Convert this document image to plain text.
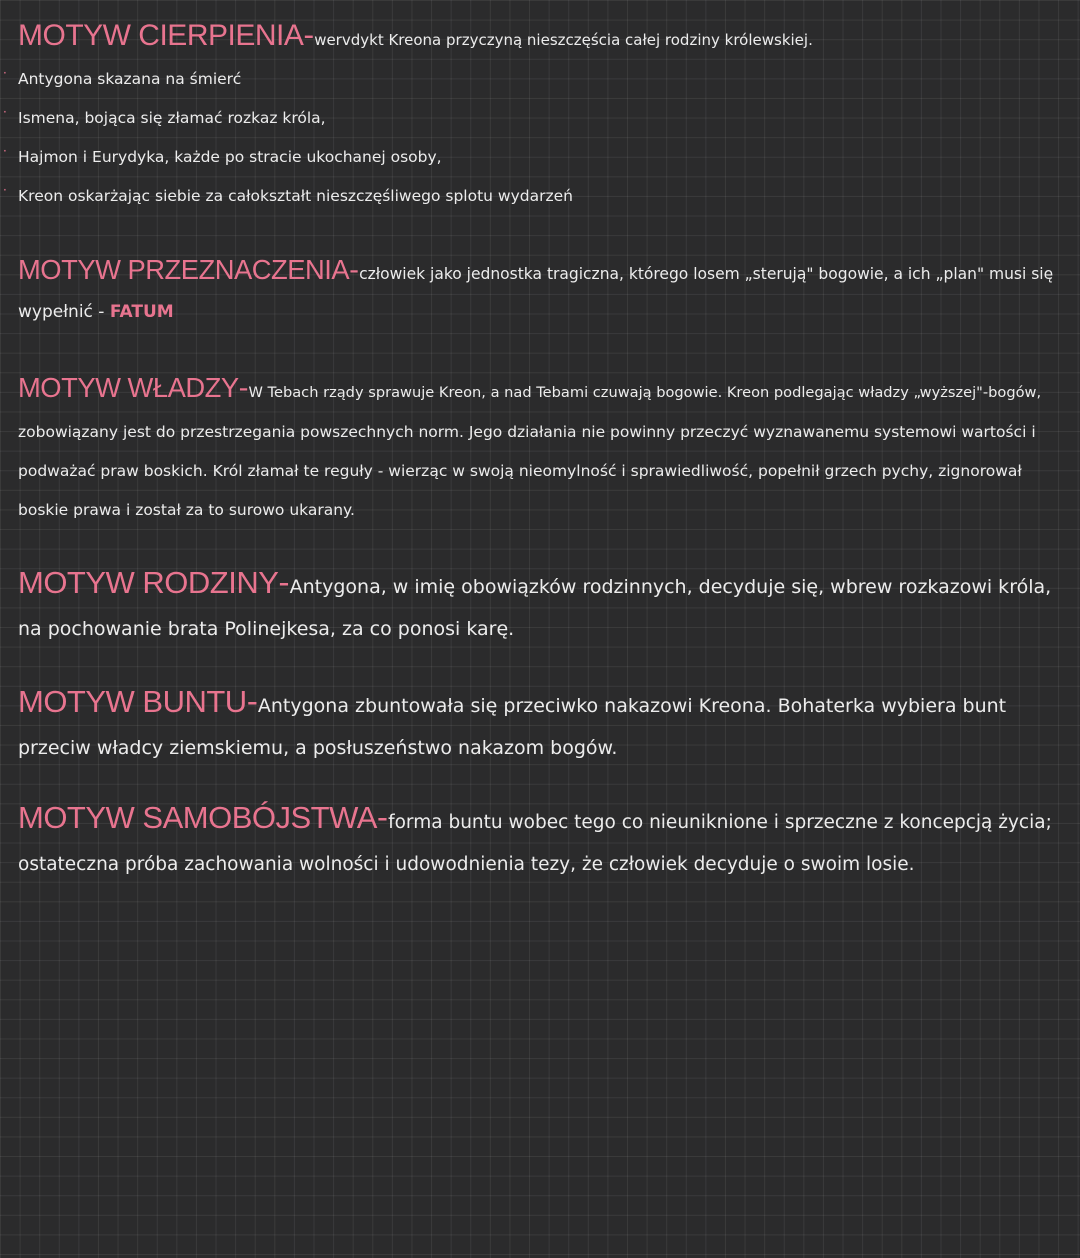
MOTYW CIERPIENIA-wervdykt Kreona przyczyną nieszczęścia całej rodziny królewskiej.
· Antygona skazana na śmierć
· Ismena, bojąca się złamać rozkaz króla,
· Hajmon i Eurydyka, każde po stracie ukochanej osoby,
· Kreon oskarżając siebie za całokształt nieszczęśliwego splotu wydarzeń
MOTYW PRZEZNACZENIA-człowiek jako jednostka tragiczna, którego losem „sterują" bogowie, a ich „plan" musi się
wypełnić - FATUM
MOTYW WŁADZY-W Tebach rządy sprawuje Kreon, a nad Tebami czuwają bogowie. Kreon podlegając władzy „wyższej"-bogów,
zobowiązany jest do przestrzegania powszechnych norm. Jego działania nie powinny przeczyć wyznawanemu systemowi wartości i
podważać praw boskich. Król złamał te reguły - wierząc w swoją nieomylność i sprawiedliwość, popełnił grzech pychy, zignorował
boskie prawa i został za to surowo ukarany.
MOTYW RODZINY-Antygona, w imię obowiązków rodzinnych, decyduje się, wbrew rozkazowi króla,
na pochowanie brata Polinejkesa, za co ponosi karę.
MOTYW BUNTU-Antygona zbuntowała się przeciwko nakazowi Kreona. Bohaterka wybiera bunt
przeciw władcy ziemskiemu, a posłuszeństwo nakazom bogów.
MOTYW SAMOBÓJSTWA-forma buntu wobec tego co nieuniknione i sprzeczne z koncepcją życia;
ostateczna próba zachowania wolności i udowodnienia tezy, że człowiek decyduje o swoim losie.
